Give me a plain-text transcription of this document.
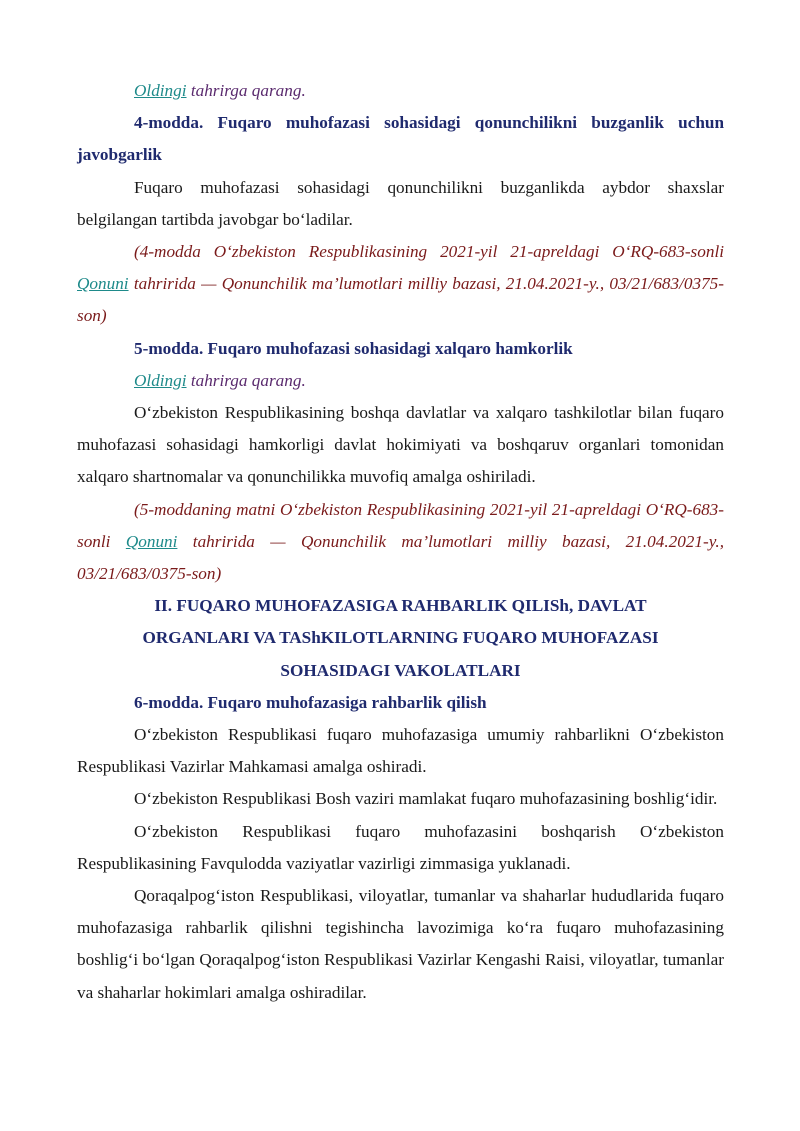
Oldingi tahrirga qarang.

4-modda. Fuqaro muhofazasi sohasidagi qonunchilikni buzganlik uchun javobgarlik

Fuqaro muhofazasi sohasidagi qonunchilikni buzganlikda aybdor shaxslar belgilangan tartibda javobgar bo‘ladilar.

(4-modda O‘zbekiston Respublikasining 2021-yil 21-apreldagi O‘RQ-683-sonli Qonuni tahririda — Qonunchilik ma’lumotlari milliy bazasi, 21.04.2021-y., 03/21/683/0375-son)

5-modda. Fuqaro muhofazasi sohasidagi xalqaro hamkorlik

Oldingi tahrirga qarang.

O‘zbekiston Respublikasining boshqa davlatlar va xalqaro tashkilotlar bilan fuqaro muhofazasi sohasidagi hamkorligi davlat hokimiyati va boshqaruv organlari tomonidan xalqaro shartnomalar va qonunchilikka muvofiq amalga oshiriladi.

(5-moddaning matni O‘zbekiston Respublikasining 2021-yil 21-apreldagi O‘RQ-683-sonli Qonuni tahririda — Qonunchilik ma’lumotlari milliy bazasi, 21.04.2021-y., 03/21/683/0375-son)

II. FUQARO MUHOFAZASIGA RAHBARLIK QILISh, DAVLAT
ORGANLARI VA TAShKILOTLARNING FUQARO MUHOFAZASI
SOHASIDAGI VAKOLATLARI

6-modda. Fuqaro muhofazasiga rahbarlik qilish

O‘zbekiston Respublikasi fuqaro muhofazasiga umumiy rahbarlikni O‘zbekiston Respublikasi Vazirlar Mahkamasi amalga oshiradi.

O‘zbekiston Respublikasi Bosh vaziri mamlakat fuqaro muhofazasining boshlig‘idir.

O‘zbekiston Respublikasi fuqaro muhofazasini boshqarish O‘zbekiston Respublikasining Favqulodda vaziyatlar vazirligi zimmasiga yuklanadi.

Qoraqalpog‘iston Respublikasi, viloyatlar, tumanlar va shaharlar hududlarida fuqaro muhofazasiga rahbarlik qilishni tegishincha lavozimiga ko‘ra fuqaro muhofazasining boshlig‘i bo‘lgan Qoraqalpog‘iston Respublikasi Vazirlar Kengashi Raisi, viloyatlar, tumanlar va shaharlar hokimlari amalga oshiradilar.
